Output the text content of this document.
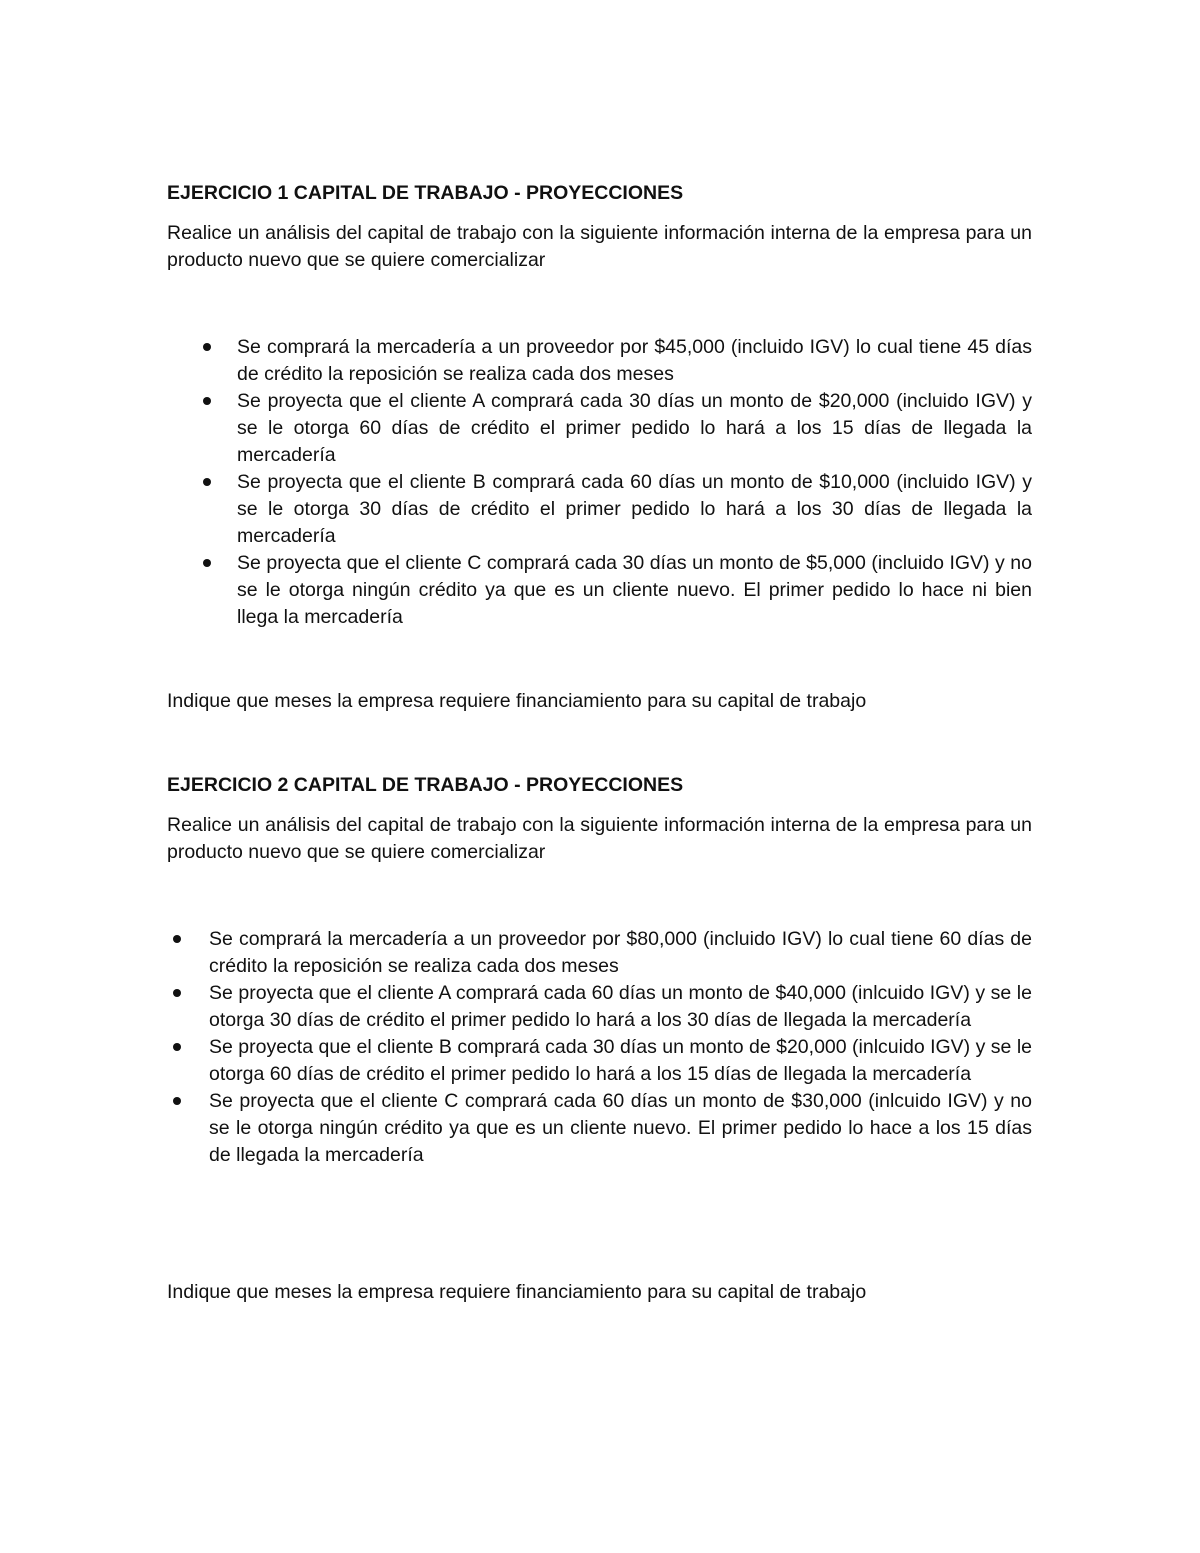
EJERCICIO 1 CAPITAL DE TRABAJO - PROYECCIONES

Realice un análisis del capital de trabajo con la siguiente información interna de la empresa para un producto nuevo que se quiere comercializar

Se comprará la mercadería a un proveedor por $45,000 (incluido IGV) lo cual tiene 45 días de crédito la reposición se realiza cada dos meses
Se proyecta que el cliente A comprará cada 30 días un monto de $20,000 (incluido IGV) y se le otorga 60 días de crédito el primer pedido lo hará a los 15 días de llegada la mercadería
Se proyecta que el cliente B comprará cada 60 días un monto de $10,000 (incluido IGV) y se le otorga 30 días de crédito el primer pedido lo hará a los 30 días de llegada la mercadería
Se proyecta que el cliente C comprará cada 30 días un monto de $5,000 (incluido IGV) y no se le otorga ningún crédito ya que es un cliente nuevo. El primer pedido lo hace ni bien llega la mercadería

Indique que meses la empresa requiere financiamiento para su capital de trabajo

EJERCICIO 2 CAPITAL DE TRABAJO - PROYECCIONES

Realice un análisis del capital de trabajo con la siguiente información interna de la empresa para un producto nuevo que se quiere comercializar

Se comprará la mercadería a un proveedor por $80,000 (incluido IGV) lo cual tiene 60 días de crédito la reposición se realiza cada dos meses
Se proyecta que el cliente A comprará cada 60 días un monto de $40,000 (inlcuido IGV) y se le otorga 30 días de crédito el primer pedido lo hará a los 30 días de llegada la mercadería
Se proyecta que el cliente B comprará cada 30 días un monto de $20,000 (inlcuido IGV) y se le otorga 60 días de crédito el primer pedido lo hará a los 15 días de llegada la mercadería
Se proyecta que el cliente C comprará cada 60 días un monto de $30,000 (inlcuido IGV) y no se le otorga ningún crédito ya que es un cliente nuevo. El primer pedido lo hace a los 15 días de llegada la mercadería

Indique que meses la empresa requiere financiamiento para su capital de trabajo
